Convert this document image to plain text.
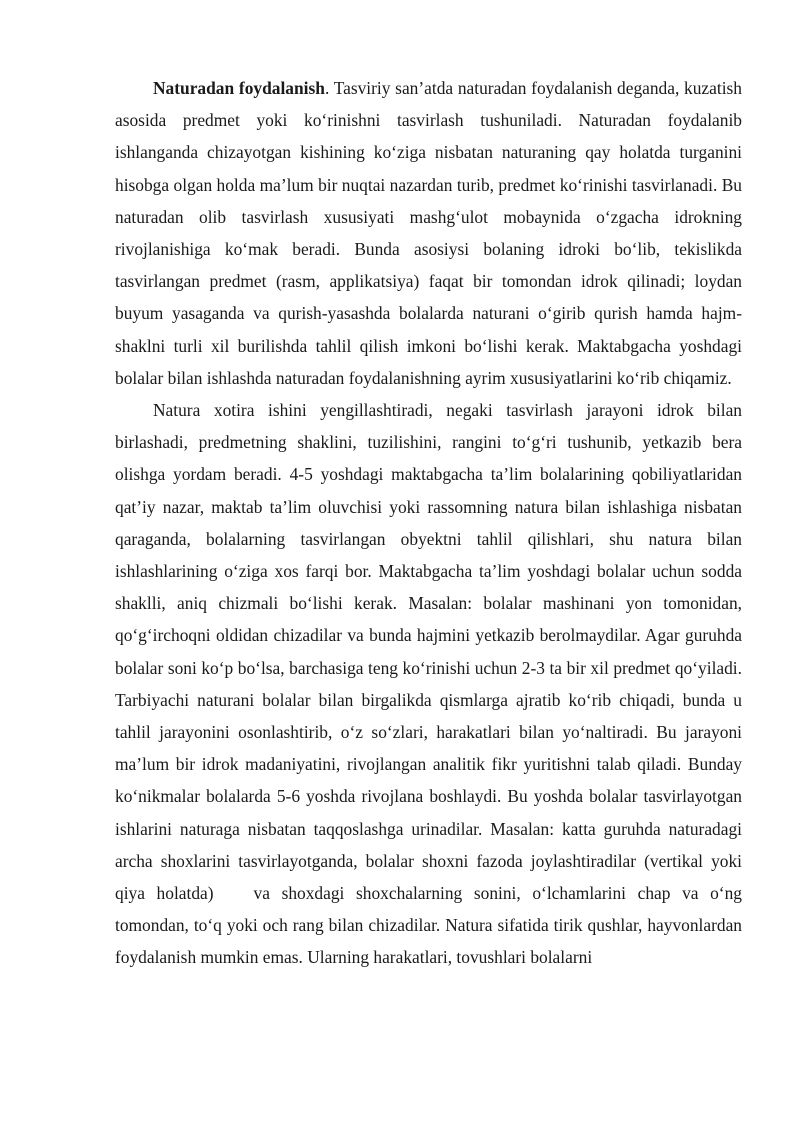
Naturadan foydalanish. Tasviriy san’atda naturadan foydalanish deganda, kuzatish asosida predmet yoki ko‘rinishni tasvirlash tushuniladi. Naturadan foydalanib ishlanganda chizayotgan kishining ko‘ziga nisbatan naturaning qay holatda turganini hisobga olgan holda ma’lum bir nuqtai nazardan turib, predmet ko‘rinishi tasvirlanadi. Bu naturadan olib tasvirlash xususiyati mashg‘ulot mobaynida o‘zgacha idrokning rivojlanishiga ko‘mak beradi. Bunda asosiysi bolaning idroki bo‘lib, tekislikda tasvirlangan predmet (rasm, applikatsiya) faqat bir tomondan idrok qilinadi; loydan buyum yasaganda va qurish-yasashda bolalarda naturani o‘girib qurish hamda hajm-shaklni turli xil burilishda tahlil qilish imkoni bo‘lishi kerak. Maktabgacha yoshdagi bolalar bilan ishlashda naturadan foydalanishning ayrim xususiyatlarini ko‘rib chiqamiz.

Natura xotira ishini yengillashtiradi, negaki tasvirlash jarayoni idrok bilan birlashadi, predmetning shaklini, tuzilishini, rangini to‘g‘ri tushunib, yetkazib bera olishga yordam beradi. 4-5 yoshdagi maktabgacha ta’lim bolalarining qobiliyatlaridan qat’iy nazar, maktab ta’lim oluvchisi yoki rassomning natura bilan ishlashiga nisbatan qaraganda, bolalarning tasvirlangan obyektni tahlil qilishlari, shu natura bilan ishlashlarining o‘ziga xos farqi bor. Maktabgacha ta’lim yoshdagi bolalar uchun sodda shaklli, aniq chizmali bo‘lishi kerak. Masalan: bolalar mashinani yon tomonidan, qo‘g‘irchoqni oldidan chizadilar va bunda hajmini yetkazib berolmaydilar. Agar guruhda bolalar soni ko‘p bo‘lsa, barchasiga teng ko‘rinishi uchun 2-3 ta bir xil predmet qo‘yiladi. Tarbiyachi naturani bolalar bilan birgalikda qismlarga ajratib ko‘rib chiqadi, bunda u tahlil jarayonini osonlashtirib, o‘z so‘zlari, harakatlari bilan yo‘naltiradi. Bu jarayoni ma’lum bir idrok madaniyatini, rivojlangan analitik fikr yuritishni talab qiladi. Bunday ko‘nikmalar bolalarda 5-6 yoshda rivojlana boshlaydi. Bu yoshda bolalar tasvirlayotgan ishlarini naturaga nisbatan taqqoslashga urinadilar. Masalan: katta guruhda naturadagi archa shoxlarini tasvirlayotganda, bolalar shoxni fazoda joylashtiradilar (vertikal yoki qiya holatda) va shoxdagi shoxchalarning sonini, o‘lchamlarini chap va o‘ng tomondan, to‘q yoki och rang bilan chizadilar. Natura sifatida tirik qushlar, hayvonlardan foydalanish mumkin emas. Ularning harakatlari, tovushlari bolalarni
